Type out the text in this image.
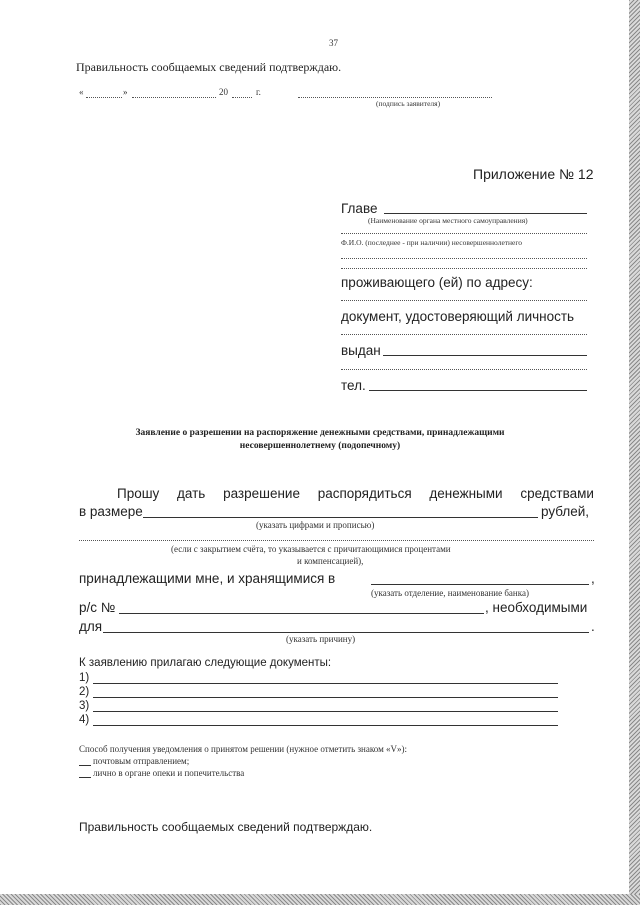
37
Правильность сообщаемых сведений подтверждаю.
«	»	20	г.
(подпись заявителя)
Приложение № 12
Главе
(Наименование органа местного самоуправления)
Ф.И.О. (последнее - при наличии) несовершеннолетнего
проживающего (ей) по адресу:
документ, удостоверяющий личность
выдан
тел.
Заявление о разрешении на распоряжение денежными средствами, принадлежащими
несовершеннолетнему (подопечному)
Прошу дать разрешение распорядиться денежными средствами
в размере	рублей,
(указать цифрами и прописью)
(если с закрытием счёта, то указывается с причитающимися процентами
и компенсацией),
принадлежащими мне, и хранящимися в	,
(указать отделение, наименование банка)
р/с №	, необходимыми
для	.
(указать причину)
К заявлению прилагаю следующие документы:
1)
2)
3)
4)
Способ получения уведомления о принятом решении (нужное отметить знаком «V»):
почтовым отправлением;
лично в органе опеки и попечительства
Правильность сообщаемых сведений подтверждаю.
